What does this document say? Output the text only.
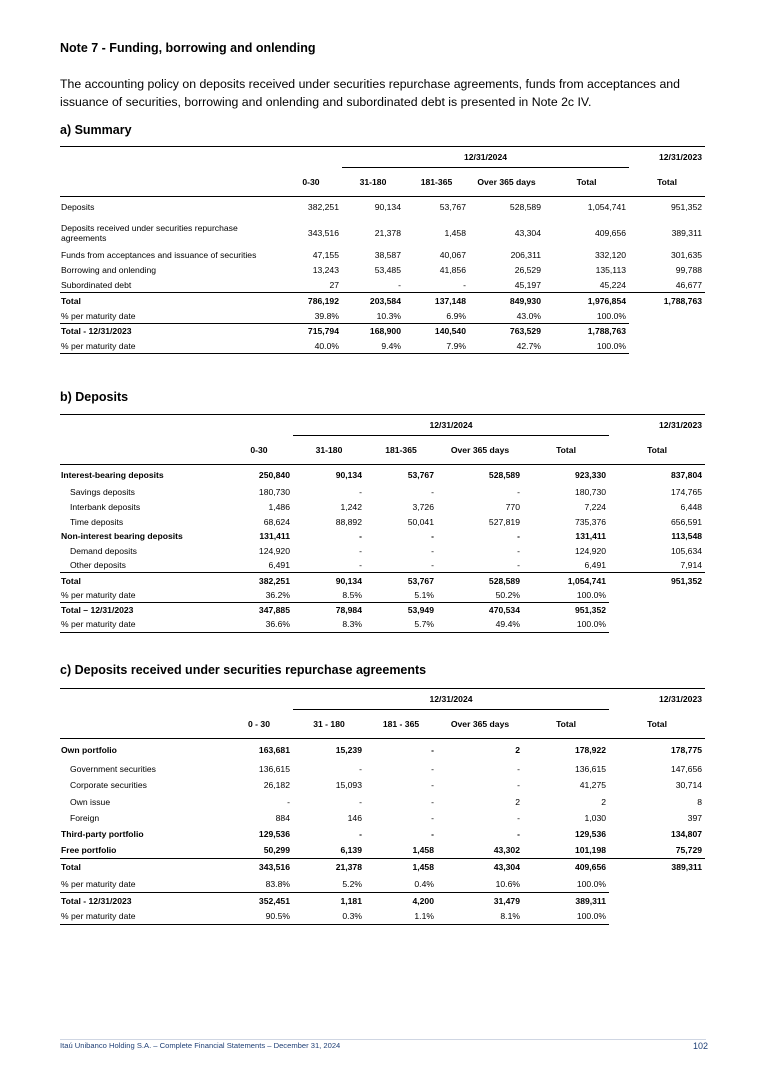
Note 7 - Funding, borrowing and onlending
The accounting policy on deposits received under securities repurchase agreements, funds from acceptances and issuance of securities, borrowing and onlending and subordinated debt is presented in Note 2c IV.
a) Summary
		12/31/2024				12/31/2023
	0-30	31-180	181-365	Over 365 days	Total	Total
Deposits	382,251	90,134	53,767	528,589	1,054,741	951,352
Deposits received under securities repurchase agreements	343,516	21,378	1,458	43,304	409,656	389,311
Funds from acceptances and issuance of securities	47,155	38,587	40,067	206,311	332,120	301,635
Borrowing and onlending	13,243	53,485	41,856	26,529	135,113	99,788
Subordinated debt	27	-	-	45,197	45,224	46,677
Total	786,192	203,584	137,148	849,930	1,976,854	1,788,763
% per maturity date	39.8%	10.3%	6.9%	43.0%	100.0%	
Total - 12/31/2023	715,794	168,900	140,540	763,529	1,788,763	
% per maturity date	40.0%	9.4%	7.9%	42.7%	100.0%	
b) Deposits
		12/31/2024				12/31/2023
	0-30	31-180	181-365	Over 365 days	Total	Total
Interest-bearing deposits	250,840	90,134	53,767	528,589	923,330	837,804
Savings deposits	180,730	-	-	-	180,730	174,765
Interbank deposits	1,486	1,242	3,726	770	7,224	6,448
Time deposits	68,624	88,892	50,041	527,819	735,376	656,591
Non-interest bearing deposits	131,411	-	-	-	131,411	113,548
Demand deposits	124,920	-	-	-	124,920	105,634
Other deposits	6,491	-	-	-	6,491	7,914
Total	382,251	90,134	53,767	528,589	1,054,741	951,352
% per maturity date	36.2%	8.5%	5.1%	50.2%	100.0%	
Total – 12/31/2023	347,885	78,984	53,949	470,534	951,352	
% per maturity date	36.6%	8.3%	5.7%	49.4%	100.0%	
c) Deposits received under securities repurchase agreements
		12/31/2024				12/31/2023
	0 - 30	31 - 180	181 - 365	Over 365 days	Total	Total
Own portfolio	163,681	15,239	-	2	178,922	178,775
Government securities	136,615	-	-	-	136,615	147,656
Corporate securities	26,182	15,093	-	-	41,275	30,714
Own issue	-	-	-	2	2	8
Foreign	884	146	-	-	1,030	397
Third-party portfolio	129,536	-	-	-	129,536	134,807
Free portfolio	50,299	6,139	1,458	43,302	101,198	75,729
Total	343,516	21,378	1,458	43,304	409,656	389,311
% per maturity date	83.8%	5.2%	0.4%	10.6%	100.0%	
Total - 12/31/2023	352,451	1,181	4,200	31,479	389,311	
% per maturity date	90.5%	0.3%	1.1%	8.1%	100.0%	
Itaú Unibanco Holding S.A. – Complete Financial Statements – December 31, 2024	102
